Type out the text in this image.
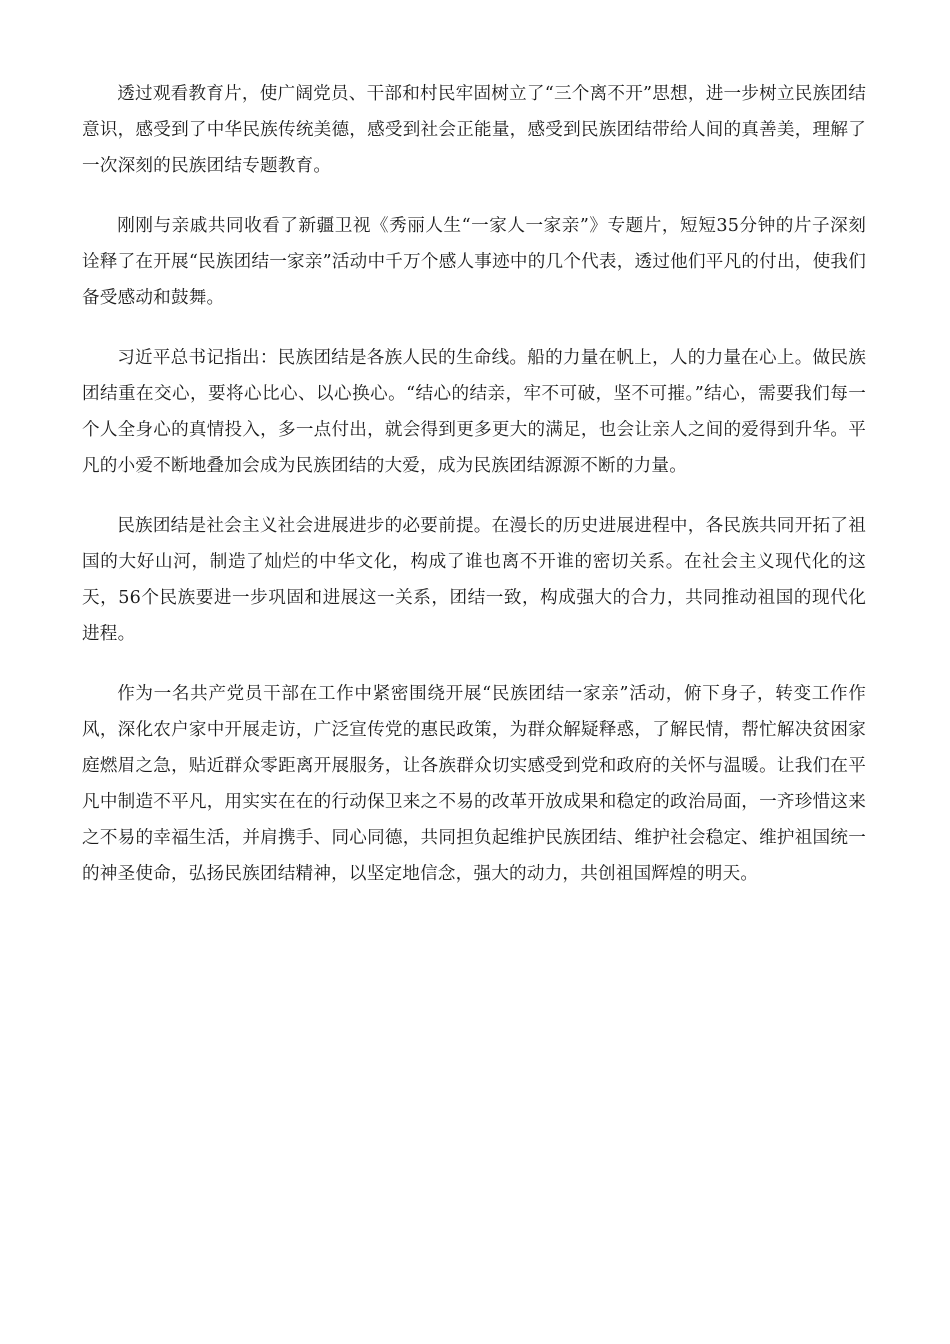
透过观看教育片，使广阔党员、干部和村民牢固树立了“三个离不开”思想，进一步树立民族团结意识，感受到了中华民族传统美德，感受到社会正能量，感受到民族团结带给人间的真善美，理解了一次深刻的民族团结专题教育。

刚刚与亲戚共同收看了新疆卫视《秀丽人生“一家人一家亲”》专题片，短短35分钟的片子深刻诠释了在开展“民族团结一家亲”活动中千万个感人事迹中的几个代表，透过他们平凡的付出，使我们备受感动和鼓舞。

习近平总书记指出：民族团结是各族人民的生命线。船的力量在帆上，人的力量在心上。做民族团结重在交心，要将心比心、以心换心。“结心的结亲，牢不可破，坚不可摧。”结心，需要我们每一个人全身心的真情投入，多一点付出，就会得到更多更大的满足，也会让亲人之间的爱得到升华。平凡的小爱不断地叠加会成为民族团结的大爱，成为民族团结源源不断的力量。

民族团结是社会主义社会进展进步的必要前提。在漫长的历史进展进程中，各民族共同开拓了祖国的大好山河，制造了灿烂的中华文化，构成了谁也离不开谁的密切关系。在社会主义现代化的这天，56个民族要进一步巩固和进展这一关系，团结一致，构成强大的合力，共同推动祖国的现代化进程。

作为一名共产党员干部在工作中紧密围绕开展“民族团结一家亲”活动，俯下身子，转变工作作风，深化农户家中开展走访，广泛宣传党的惠民政策，为群众解疑释惑，了解民情，帮忙解决贫困家庭燃眉之急，贴近群众零距离开展服务，让各族群众切实感受到党和政府的关怀与温暖。让我们在平凡中制造不平凡，用实实在在的行动保卫来之不易的改革开放成果和稳定的政治局面，一齐珍惜这来之不易的幸福生活，并肩携手、同心同德，共同担负起维护民族团结、维护社会稳定、维护祖国统一的神圣使命，弘扬民族团结精神，以坚定地信念，强大的动力，共创祖国辉煌的明天。
